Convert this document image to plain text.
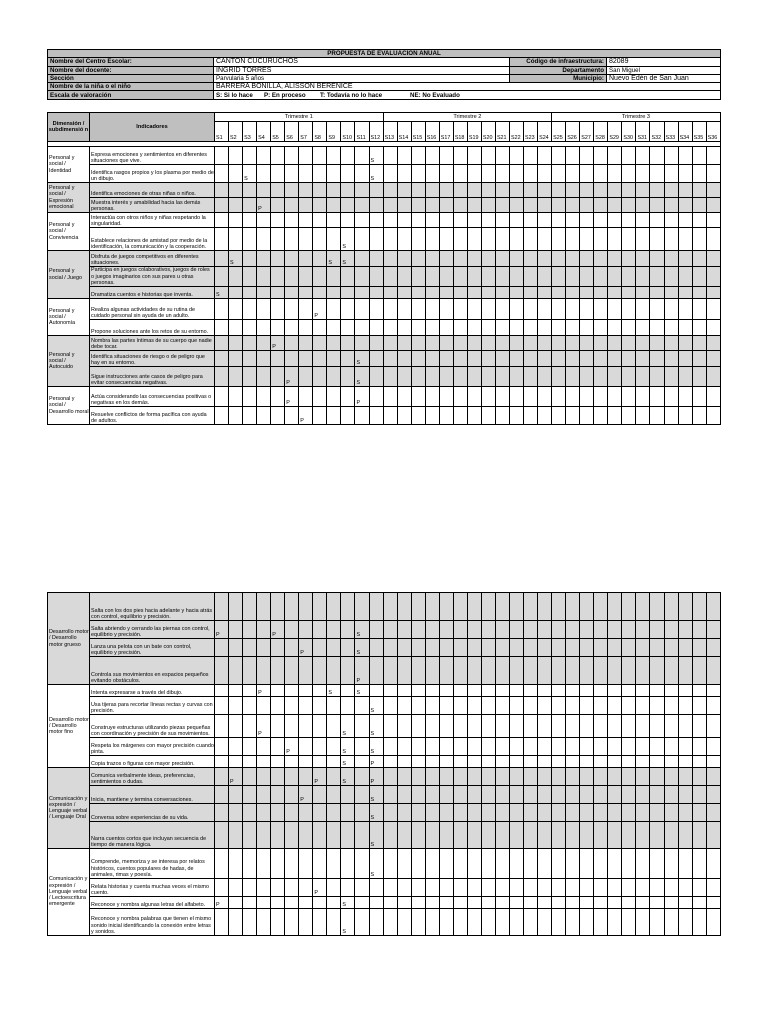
PROPUESTA DE EVALUACION ANUAL			
Nombre del Centro Escolar:	CANTON CUCURUCHOS	Código de infraestructura:	82089
Nombre del docente:	INGRID TORRES	Departamento	San Miguel
Sección	Parvularia 5 años	Municipio:	Nuevo Edén de San Juan
Nombre de la niña o el niño	BARRERA BONILLA, ALISSON BERENICE		
Escala de valoración	S: Si lo hace P: En proceso T: Todavía no lo hace NE: No Evaluado		
Dimensión / subdimensió n	Indicadores	Trimestre 1												Trimestre 2												Trimestre 3											
		S1	S2	S3	S4	S5	S6	S7	S8	S9	S10	S11	S12	S13	S14	S15	S16	S17	S18	S19	S20	S21	S22	S23	S24	S25	S26	S27	S28	S29	S30	S31	S32	S33	S34	S35	S36

Personal y social / Identidad	Expresa emociones y sentimientos en diferentes situaciones que vive.												S																								
	Identifica rasgos propios y los plasma por medio de un dibujo.			S									S																								
Personal y social / Expresión emocional	Identifica emociones de otras niñas o niños.																																				
	Muestra interés y amabilidad hacia las demás personas.				P																																
Personal y social / Convivencia	Interactúa con otros niños y niñas respetando la singularidad.																																				
	Establece relaciones de amistad por medio de la identificación, la comunicación y la cooperación.										S																										
Personal y social / Juego	Disfruta de juegos competitivos en diferentes situaciones.		S							S	S																										
	Participa en juegos colaborativos, juegos de roles o juegos imaginarios con sus pares u otras personas.																																				
	Dramatiza cuentos e historias que inventa.	S																																			
Personal y social / Autonomía	Realiza algunas actividades de su rutina de cuidado personal sin ayuda de un adulto.								P																												
	Propone soluciones ante los retos de su entorno.																																				
Personal y social / Autocuido	Nombra las partes íntimas de su cuerpo que nadie debe tocar.					P																															
	Identifica situaciones de riesgo o de peligro que hay en su entorno.											S																									
	Sigue instrucciones ante casos de peligro para evitar consecuencias negativas.						P					S																									
Personal y social / Desarrollo moral	Actúa considerando las consecuencias positivas o negativas en los demás.						P					P																									
	Resuelve conflictos de forma pacífica con ayuda de adultos.							P																													
Desarrollo motor / Desarrollo motor grueso	Salta con los dos pies hacia adelante y hacia atrás con control, equilibrio y precisión.																																				
	Salta abriendo y cerrando las piernas con control, equilibrio y precisión.	P				P						S																									
	Lanza una pelota con un bate con control, equilibrio y precisión.							P				S																									
	Controla sus movimientos en espacios pequeños evitando obstáculos.											P																									
Desarrollo motor / Desarrollo motor fino	Intenta expresarse a través del dibujo.				P					S		S																									
	Usa tijeras para recortar líneas rectas y curvas con precisión.												S																								
	Construye estructuras utilizando piezas pequeñas con coordinación y precisión de sus movimientos.				P						S		S																								
	Respeta los márgenes con mayor precisión cuando pinta.						P				S		S																								
	Copia trazos o figuras con mayor precisión.										S		P																								
Comunicación y expresión / Lenguaje verbal / Lenguaje Oral	Comunica verbalmente ideas, preferencias, sentimientos o dudas.		P						P		S		P																								
	Inicia, mantiene y termina conversaciones.							P					S																								
	Conversa sobre experiencias de su vida.												S																								
	Narra cuentos cortos que incluyan secuencia de tiempo de manera lógica.												S																								
Comunicación y expresión / Lenguaje verbal / Lectoescritura emergente	Comprende, memoriza y se interesa por relatos históricos, cuentos populares de hadas, de animales, rimas y poesía.												S																								
	Relata historias y cuenta muchas veces el mismo cuento.								P																												
	Reconoce y nombra algunas letras del alfabeto.	P									S																										
	Reconoce y nombra palabras que tienen el mismo sonido inicial identificando la conexión entre letras y sonidos.										S																										
